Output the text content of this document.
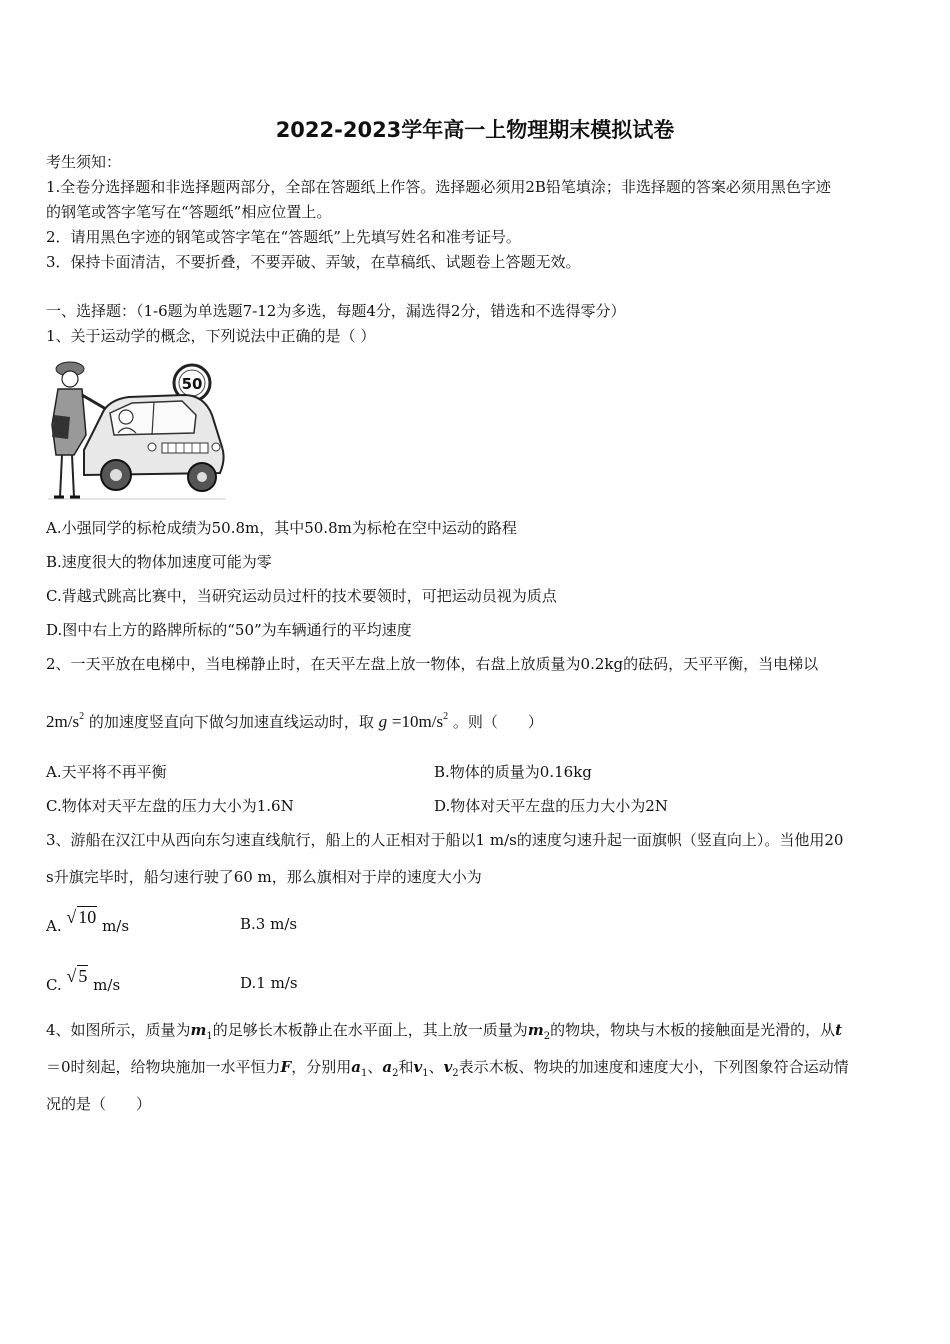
2022-2023学年高一上物理期末模拟试卷
考生须知：
1.全卷分选择题和非选择题两部分，全部在答题纸上作答。选择题必须用2B铅笔填涂；非选择题的答案必须用黑色字迹
的钢笔或答字笔写在“答题纸”相应位置上。
2．请用黑色字迹的钢笔或答字笔在“答题纸”上先填写姓名和准考证号。
3．保持卡面清洁，不要折叠，不要弄破、弄皱，在草稿纸、试题卷上答题无效。
一、选择题：（1-6题为单选题7-12为多选，每题4分，漏选得2分，错选和不选得零分）
1、关于运动学的概念，下列说法中正确的是（ ）
50
A.小强同学的标枪成绩为50.8m，其中50.8m为标枪在空中运动的路程
B.速度很大的物体加速度可能为零
C.背越式跳高比赛中，当研究运动员过杆的技术要领时，可把运动员视为质点
D.图中右上方的路牌所标的“50”为车辆通行的平均速度
2、一天平放在电梯中，当电梯静止时，在天平左盘上放一物体，右盘上放质量为0.2kg的砝码，天平平衡，当电梯以
$2m/s^2$ 的加速度竖直向下做匀加速直线运动时，取 $g =10m/s^2$ 。则（　　）
A.天平将不再平衡	B.物体的质量为0.16kg
C.物体对天平左盘的压力大小为1.6N	D.物体对天平左盘的压力大小为2N
3、游船在汉江中从西向东匀速直线航行，船上的人正相对于船以1 m/s的速度匀速升起一面旗帜（竖直向上）。当他用20
s升旗完毕时，船匀速行驶了60 m，那么旗相对于岸的速度大小为
A. √ 10 m/s	B.3 m/s
C. √ 5 m/s	D.1 m/s
4、如图所示，质量为$m_1$的足够长木板静止在水平面上，其上放一质量为$m_2$的物块，物块与木板的接触面是光滑的，从t
＝0时刻起，给物块施加一水平恒力F，分别用$a_1$、$a_2$和$v_1$、$v_2$表示木板、物块的加速度和速度大小，下列图象符合运动情
况的是（　　）
